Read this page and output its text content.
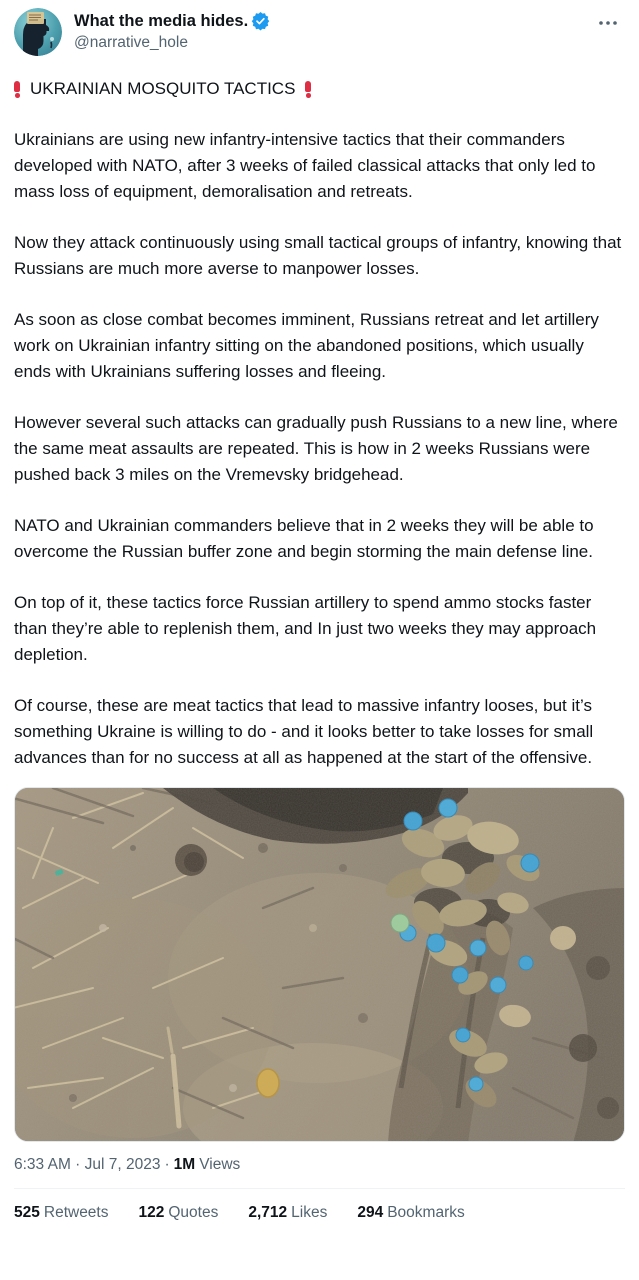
What the media hides.
@narrative_hole
UKRAINIAN MOSQUITO TACTICS

Ukrainians are using new infantry-intensive tactics that their commanders developed with NATO, after 3 weeks of failed classical attacks that only led to mass loss of equipment, demoralisation and retreats.

Now they attack continuously using small tactical groups of infantry, knowing that Russians are much more averse to manpower losses.

As soon as close combat becomes imminent, Russians retreat and let artillery work on Ukrainian infantry sitting on the abandoned positions, which usually ends with Ukrainians suffering losses and fleeing.

However several such attacks can gradually push Russians to a new line, where the same meat assaults are repeated. This is how in 2 weeks Russians were pushed back 3 miles on the Vremevsky bridgehead.

NATO and Ukrainian commanders believe that in 2 weeks they will be able to overcome the Russian buffer zone and begin storming the main defense line.

On top of it, these tactics force Russian artillery to spend ammo stocks faster than they’re able to replenish them, and In just two weeks they may approach depletion.

Of course, these are meat tactics that lead to massive infantry looses, but it’s something Ukraine is willing to do - and it looks better to take losses for small advances than for no success at all as happened at the start of the offensive.

6:33 AM · Jul 7, 2023 · 1M Views
525 Retweets 122 Quotes 2,712 Likes 294 Bookmarks
